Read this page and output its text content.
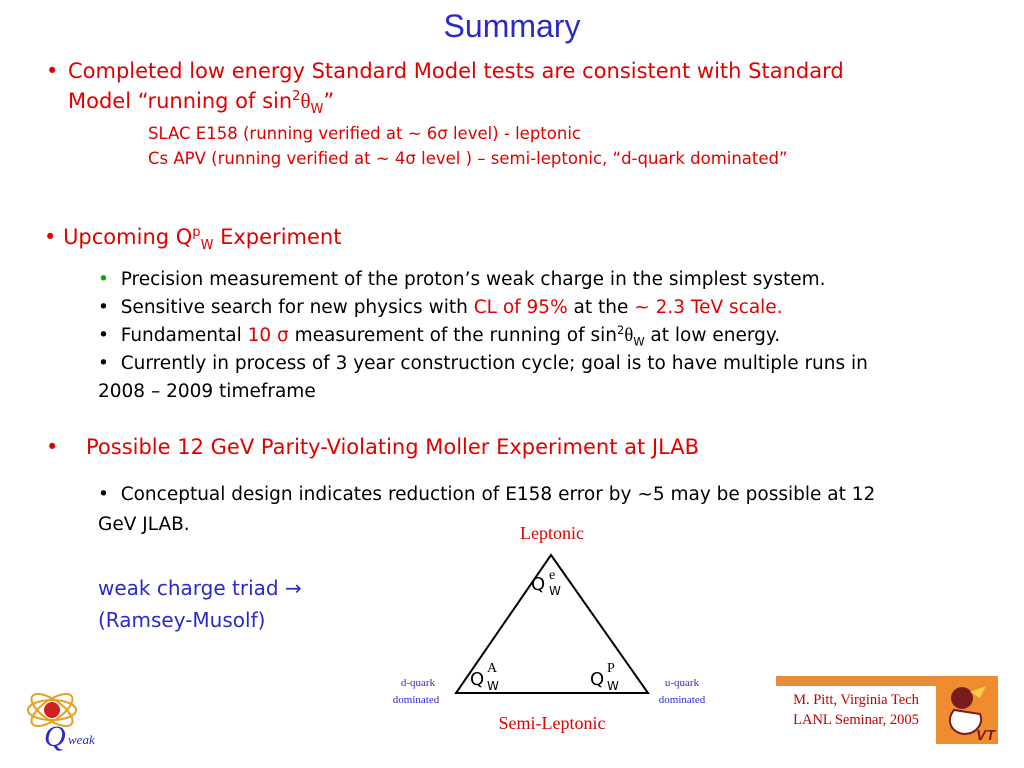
Summary
• Completed low energy Standard Model tests are consistent with Standard
Model “running of $\sin^2\theta_W$”
SLAC E158 (running verified at ~ 6σ level) - leptonic
Cs APV (running verified at ~ 4σ level ) – semi-leptonic, “d-quark dominated”
• Upcoming $Q^p_W$ Experiment
• Precision measurement of the proton’s weak charge in the simplest system.
•  Sensitive search for new physics with CL of 95% at the ~ 2.3 TeV scale.
•  Fundamental 10 σ measurement of the running of $\sin^2\theta_W$ at low energy.
•  Currently in process of 3 year construction cycle; goal is to have multiple runs in
2008 – 2009 timeframe
• Possible 12 GeV Parity-Violating Moller Experiment at JLAB
•  Conceptual design indicates reduction of E158 error by ~5 may be possible at 12
GeV JLAB.
weak charge triad →
(Ramsey-Musolf)
Leptonic
Q e
W
Q
A
W	Q
P
W
d-quark
dominated
u-quark
dominated
Semi-Leptonic
Q weak
M. Pitt, Virginia Tech
LANL Seminar, 2005
VT
